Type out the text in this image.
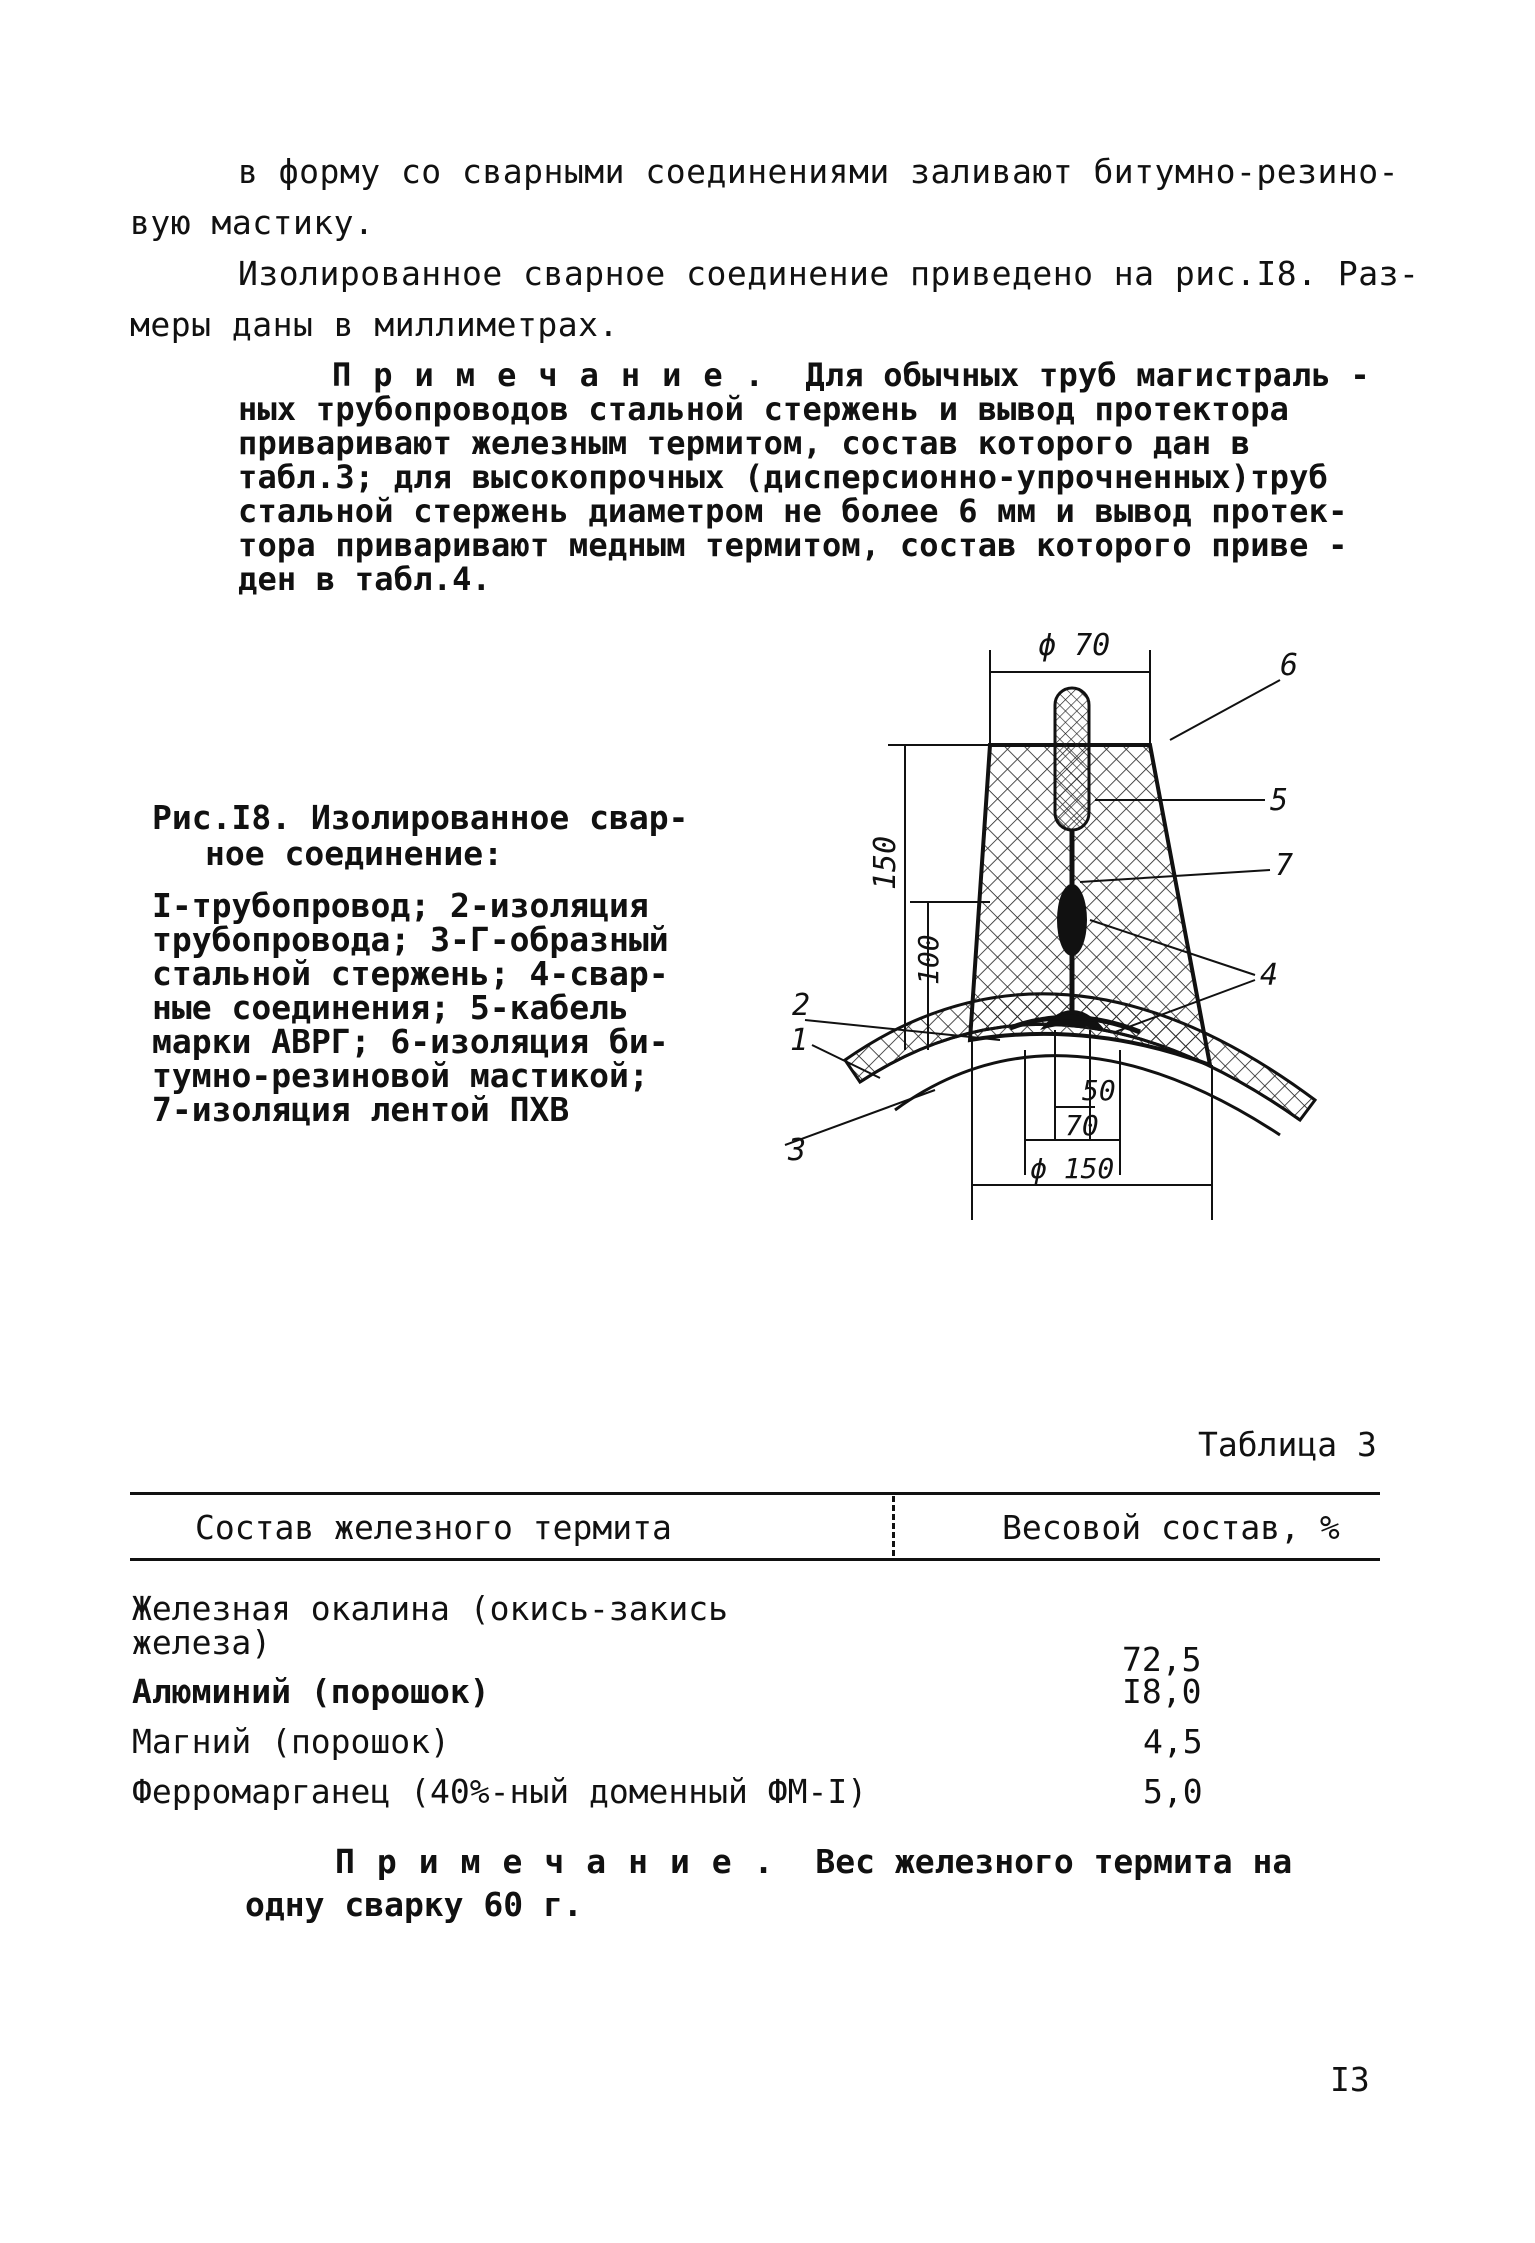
в форму со сварными соединениями заливают битумно-резино-
вую мастику.
Изолированное сварное соединение приведено на рис.I8. Раз-
меры даны в миллиметрах.
Примечание. Для обычных труб магистраль -
ных трубопроводов стальной стержень и вывод протектора
приваривают железным термитом, состав которого дан в
табл.3; для высокопрочных (дисперсионно-упрочненных)труб
стальной стержень диаметром не более 6 мм и вывод протек-
тора приваривают медным термитом, состав которого приве -
ден в табл.4.
Рис.I8. Изолированное свар-
ное соединение:
I-трубопровод; 2-изоляция
трубопровода; 3-Г-образный
стальной стержень; 4-свар-
ные соединения; 5-кабель
марки АВРГ; 6-изоляция би-
тумно-резиновой мастикой;
7-изоляция лентой ПХВ
ϕ 70
150
100
50
70
ϕ 150
6
5
7
4
2
1
3
Таблица 3
Состав железного термита	Весовой состав, %
Железная окалина (окись-закись
железа)	72,5
Алюминий (порошок)	I8,0
Магний (порошок)	4,5
Ферромарганец (40%-ный доменный ФМ-I)	5,0
Примечание. Вес железного термита на
одну сварку 60 г.
I3
